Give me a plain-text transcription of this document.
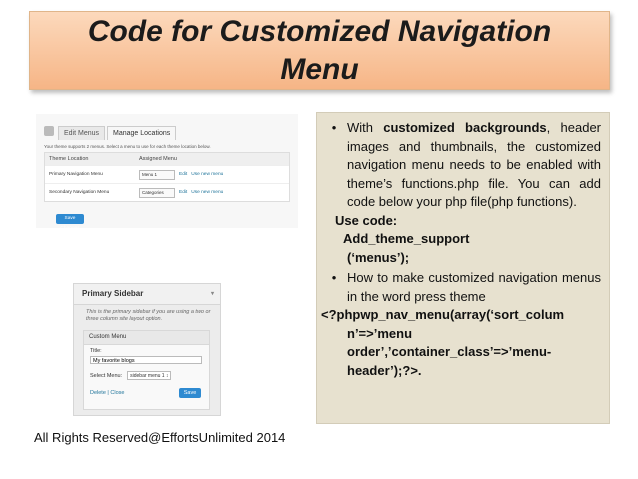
Code for Customized Navigation
Menu
Edit Menus	Manage Locations
Your theme supports 2 menus. Select a menu to use for each theme location below.
Theme Location	Assigned Menu
Primary Navigation Menu	Menu 1	Edit Use new menu
Secondary Navigation Menu	Categories	Edit Use new menu
Save Changes
Primary Sidebar	▾
This is the primary sidebar if you are using a two or three column site layout option.
Custom Menu
Title:
My favorite blogs
Select Menu:	sidebar menu 1 ↕
Delete | Close	Save
• With customized backgrounds, header images and thumbnails, the customized navigation menu needs to be enabled with theme’s functions.php file. You can add code below your php file(php functions).
Use code:
Add_theme_support
(‘menus’);
• How to make customized navigation menus in the word press theme
<?phpwp_nav_menu(array(‘sort_colum
n’=>’menu
order’,’container_class’=>’menu-
header’);?>.
All Rights Reserved@EffortsUnlimited 2014
